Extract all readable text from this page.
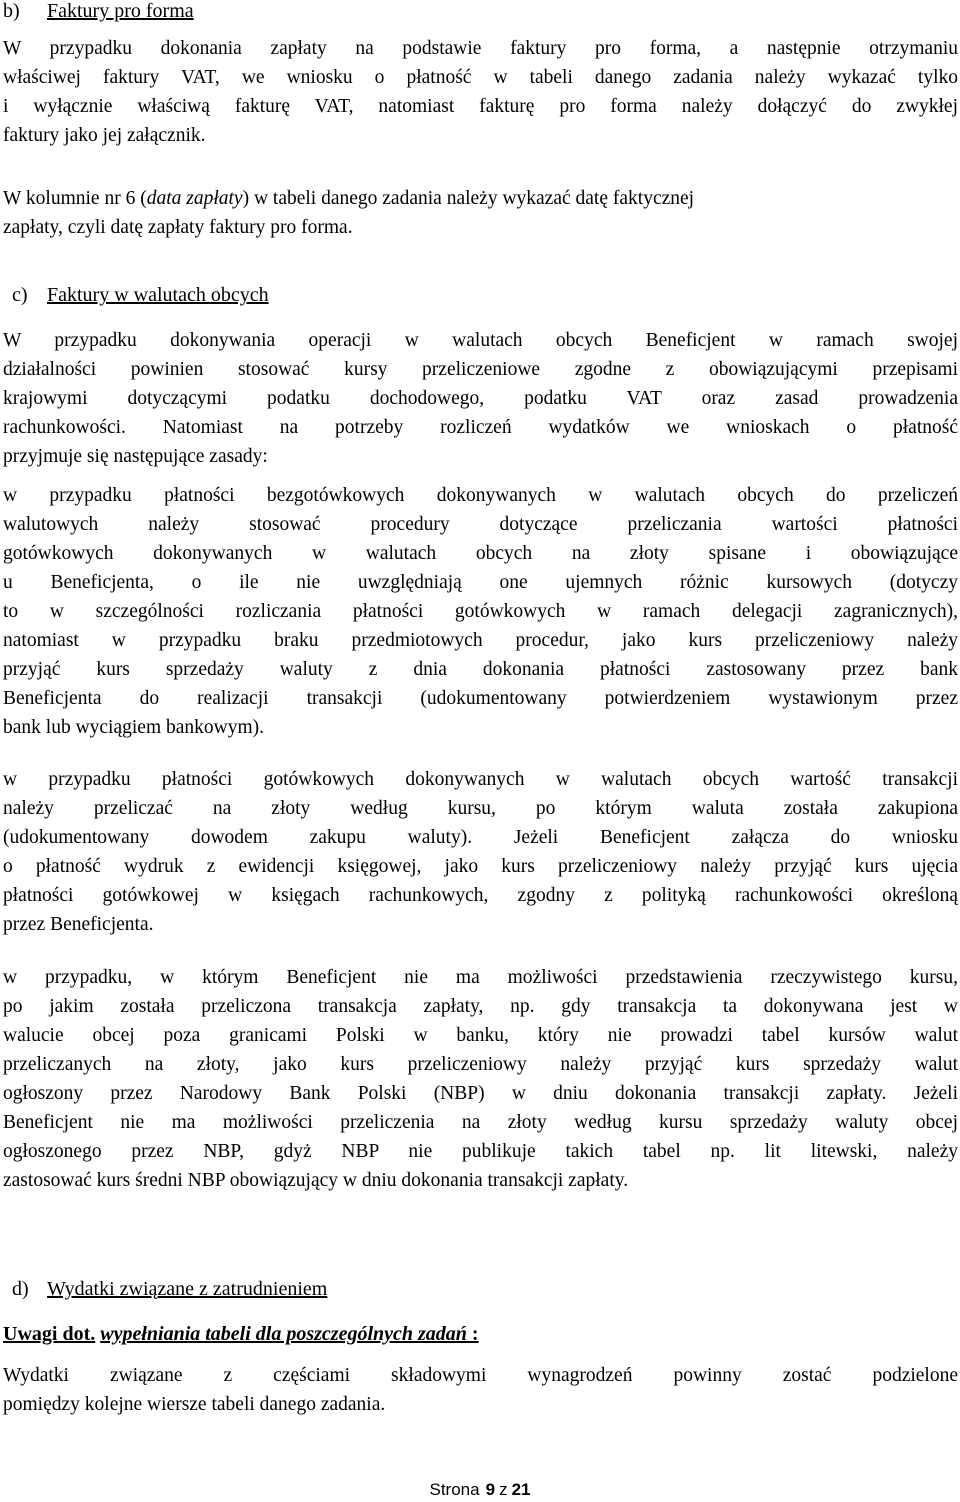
b) Faktury pro forma
W przypadku dokonania zapłaty na podstawie faktury pro forma, a następnie otrzymaniu
właściwej faktury VAT, we wniosku o płatność w tabeli danego zadania należy wykazać tylko
i wyłącznie właściwą fakturę VAT, natomiast fakturę pro forma należy dołączyć do zwykłej
faktury jako jej załącznik.
W kolumnie nr 6 (data zapłaty) w tabeli danego zadania należy wykazać datę faktycznej
zapłaty, czyli datę zapłaty faktury pro forma.
c) Faktury w walutach obcych
W przypadku dokonywania operacji w walutach obcych Beneficjent w ramach swojej
działalności powinien stosować kursy przeliczeniowe zgodne z obowiązującymi przepisami
krajowymi dotyczącymi podatku dochodowego, podatku VAT oraz zasad prowadzenia
rachunkowości. Natomiast na potrzeby rozliczeń wydatków we wnioskach o płatność
przyjmuje się następujące zasady:
w przypadku płatności bezgotówkowych dokonywanych w walutach obcych do przeliczeń
walutowych należy stosować procedury dotyczące przeliczania wartości płatności
gotówkowych dokonywanych w walutach obcych na złoty spisane i obowiązujące
u Beneficjenta, o ile nie uwzględniają one ujemnych różnic kursowych (dotyczy
to w szczególności rozliczania płatności gotówkowych w ramach delegacji zagranicznych),
natomiast w przypadku braku przedmiotowych procedur, jako kurs przeliczeniowy należy
przyjąć kurs sprzedaży waluty z dnia dokonania płatności zastosowany przez bank
Beneficjenta do realizacji transakcji (udokumentowany potwierdzeniem wystawionym przez
bank lub wyciągiem bankowym).
w przypadku płatności gotówkowych dokonywanych w walutach obcych wartość transakcji
należy przeliczać na złoty według kursu, po którym waluta została zakupiona
(udokumentowany dowodem zakupu waluty). Jeżeli Beneficjent załącza do wniosku
o płatność wydruk z ewidencji księgowej, jako kurs przeliczeniowy należy przyjąć kurs ujęcia
płatności gotówkowej w księgach rachunkowych, zgodny z polityką rachunkowości określoną
przez Beneficjenta.
w przypadku, w którym Beneficjent nie ma możliwości przedstawienia rzeczywistego kursu,
po jakim została przeliczona transakcja zapłaty, np. gdy transakcja ta dokonywana jest w
walucie obcej poza granicami Polski w banku, który nie prowadzi tabel kursów walut
przeliczanych na złoty, jako kurs przeliczeniowy należy przyjąć kurs sprzedaży walut
ogłoszony przez Narodowy Bank Polski (NBP) w dniu dokonania transakcji zapłaty. Jeżeli
Beneficjent nie ma możliwości przeliczenia na złoty według kursu sprzedaży waluty obcej
ogłoszonego przez NBP, gdyż NBP nie publikuje takich tabel np. lit litewski, należy
zastosować kurs średni NBP obowiązujący w dniu dokonania transakcji zapłaty.
d) Wydatki związane z zatrudnieniem
Uwagi dot. wypełniania tabeli dla poszczególnych zadań :
Wydatki związane z częściami składowymi wynagrodzeń powinny zostać podzielone
pomiędzy kolejne wiersze tabeli danego zadania.
Strona 9 z 21
